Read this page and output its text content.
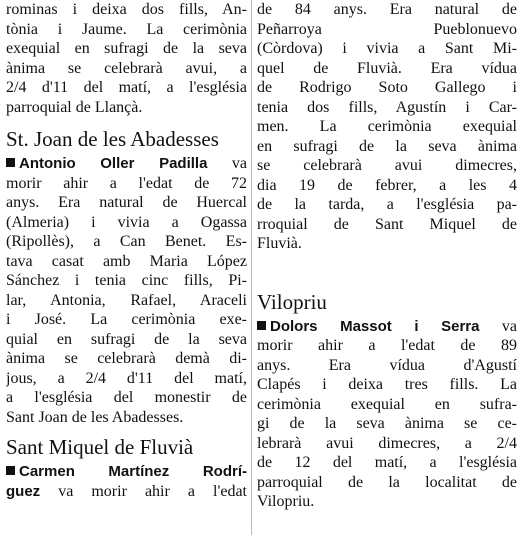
rominas i deixa dos fills, An-
tònia i Jaume. La cerimònia
exequial en sufragi de la seva
ànima se celebrarà avui, a
2/4 d'11 del matí, a l'església
parroquial de Llançà.
St. Joan de les Abadesses
Antonio Oller Padilla va
morir ahir a l'edat de 72
anys. Era natural de Huercal
(Almeria) i vivia a Ogassa
(Ripollès), a Can Benet. Es-
tava casat amb Maria López
Sánchez i tenia cinc fills, Pi-
lar, Antonia, Rafael, Araceli
i José. La cerimònia exe-
quial en sufragi de la seva
ànima se celebrarà demà di-
jous, a 2/4 d'11 del matí,
a l'església del monestir de
Sant Joan de les Abadesses.
Sant Miquel de Fluvià
Carmen Martínez Rodrí-
guez va morir ahir a l'edat
de 84 anys. Era natural de
Peñarroya Pueblonuevo
(Còrdova) i vivia a Sant Mi-
quel de Fluvià. Era vídua
de Rodrigo Soto Gallego i
tenia dos fills, Agustín i Car-
men. La cerimònia exequial
en sufragi de la seva ànima
se celebrarà avui dimecres,
dia 19 de febrer, a les 4
de la tarda, a l'església pa-
rroquial de Sant Miquel de
Fluvià.
Vilopriu
Dolors Massot i Serra va
morir ahir a l'edat de 89
anys. Era vídua d'Agustí
Clapés i deixa tres fills. La
cerimònia exequial en sufra-
gi de la seva ànima se ce-
lebrarà avui dimecres, a 2/4
de 12 del matí, a l'església
parroquial de la localitat de
Vilopriu.
